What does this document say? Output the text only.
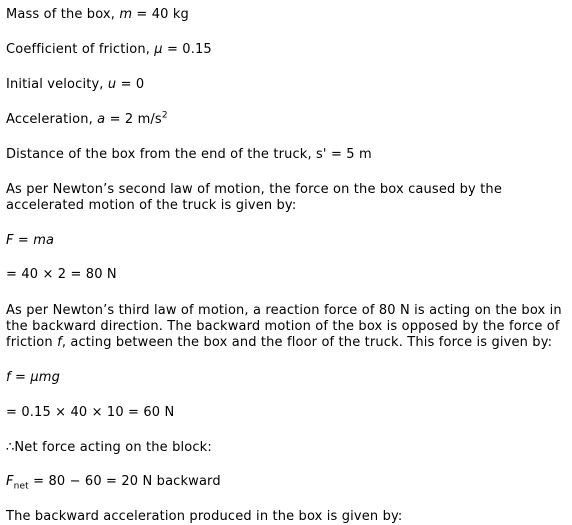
Mass of the box, m = 40 kg
Coefficient of friction, μ = 0.15
Initial velocity, u = 0
Acceleration, a = 2 $m/s^2$
Distance of the box from the end of the truck, s' = 5 m
As per Newton’s second law of motion, the force on the box caused by the accelerated motion of the truck is given by:
F = ma
= 40 × 2 = 80 N
As per Newton’s third law of motion, a reaction force of 80 N is acting on the box in the backward direction. The backward motion of the box is opposed by the force of friction f, acting between the box and the floor of the truck. This force is given by:
f = μmg
= 0.15 × 40 × 10 = 60 N
∴Net force acting on the block:
$F_{net} = 80 - 60 = 20$ N backward
The backward acceleration produced in the box is given by:
